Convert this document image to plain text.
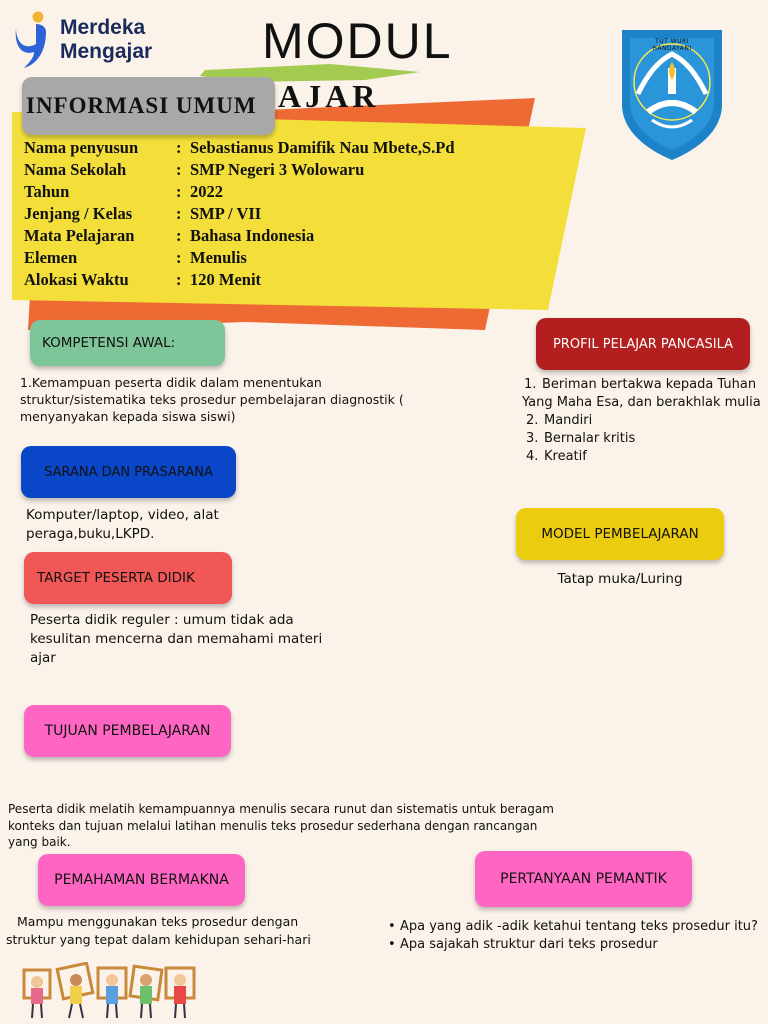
Merdeka
Mengajar MODUL
AJAR
TUT WURI HANDAYANI
INFORMASI UMUM
Nama penyusun	: Sebastianus Damifik Nau Mbete,S.Pd
Nama Sekolah	: SMP Negeri 3 Wolowaru
Tahun	: 2022
Jenjang / Kelas	: SMP / VII
Mata Pelajaran	: Bahasa Indonesia
Elemen	: Menulis
Alokasi Waktu	: 120 Menit
KOMPETENSI AWAL:
1.Kemampuan peserta didik dalam menentukan struktur/sistematika teks prosedur pembelajaran diagnostik ( menyanyakan kepada siswa siswi)
PROFIL PELAJAR PANCASILA
1. Beriman bertakwa kepada Tuhan
Yang Maha Esa, dan berakhlak mulia
2. Mandiri
3. Bernalar kritis
4. Kreatif
SARANA DAN PRASARANA
Komputer/laptop, video, alat peraga,buku,LKPD.	MODEL PEMBELAJARAN
Tatap muka/Luring
TARGET PESERTA DIDIK
Peserta didik reguler : umum tidak ada kesulitan mencerna dan memahami materi ajar
TUJUAN PEMBELAJARAN
Peserta didik melatih kemampuannya menulis secara runut dan sistematis untuk beragam konteks dan tujuan melalui latihan menulis teks prosedur sederhana dengan rancangan yang baik.
PEMAHAMAN BERMAKNA
Mampu menggunakan teks prosedur dengan
struktur yang tepat dalam kehidupan sehari-hari
PERTANYAAN PEMANTIK
• Apa yang adik -adik ketahui tentang teks prosedur itu?
• Apa sajakah struktur dari teks prosedur
